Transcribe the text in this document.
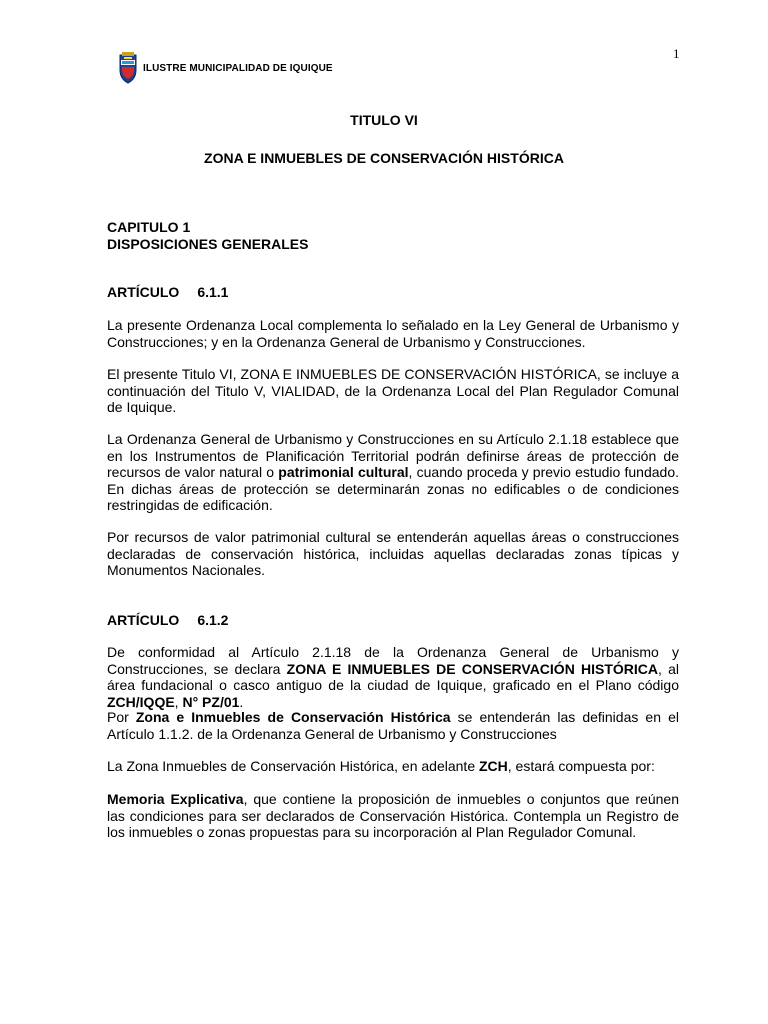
1
ILUSTRE MUNICIPALIDAD DE IQUIQUE
TITULO VI
ZONA E INMUEBLES DE CONSERVACIÓN HISTÓRICA
CAPITULO 1
DISPOSICIONES GENERALES
ARTÍCULO 6.1.1

La presente Ordenanza Local complementa lo señalado en la Ley General de Urbanismo y Construcciones; y en la Ordenanza General de Urbanismo y Construcciones.

El presente Titulo VI, ZONA E INMUEBLES DE CONSERVACIÓN HISTÓRICA, se incluye a continuación del Titulo V, VIALIDAD, de la Ordenanza Local del Plan Regulador Comunal de Iquique.

La Ordenanza General de Urbanismo y Construcciones en su Artículo 2.1.18 establece que en los Instrumentos de Planificación Territorial podrán definirse áreas de protección de recursos de valor natural o patrimonial cultural, cuando proceda y previo estudio fundado. En dichas áreas de protección se determinarán zonas no edificables o de condiciones restringidas de edificación.

Por recursos de valor patrimonial cultural se entenderán aquellas áreas o construcciones declaradas de conservación histórica, incluidas aquellas declaradas zonas típicas y Monumentos Nacionales.

ARTÍCULO 6.1.2

De conformidad al Artículo 2.1.18 de la Ordenanza General de Urbanismo y Construcciones, se declara ZONA E INMUEBLES DE CONSERVACIÓN HISTÓRICA, al área fundacional o casco antiguo de la ciudad de Iquique, graficado en el Plano código ZCH/IQQE, N° PZ/01.

Por Zona e Inmuebles de Conservación Histórica se entenderán las definidas en el Artículo 1.1.2. de la Ordenanza General de Urbanismo y Construcciones

La Zona Inmuebles de Conservación Histórica, en adelante ZCH, estará compuesta por:

Memoria Explicativa, que contiene la proposición de inmuebles o conjuntos que reúnen las condiciones para ser declarados de Conservación Histórica. Contempla un Registro de los inmuebles o zonas propuestas para su incorporación al Plan Regulador Comunal.
